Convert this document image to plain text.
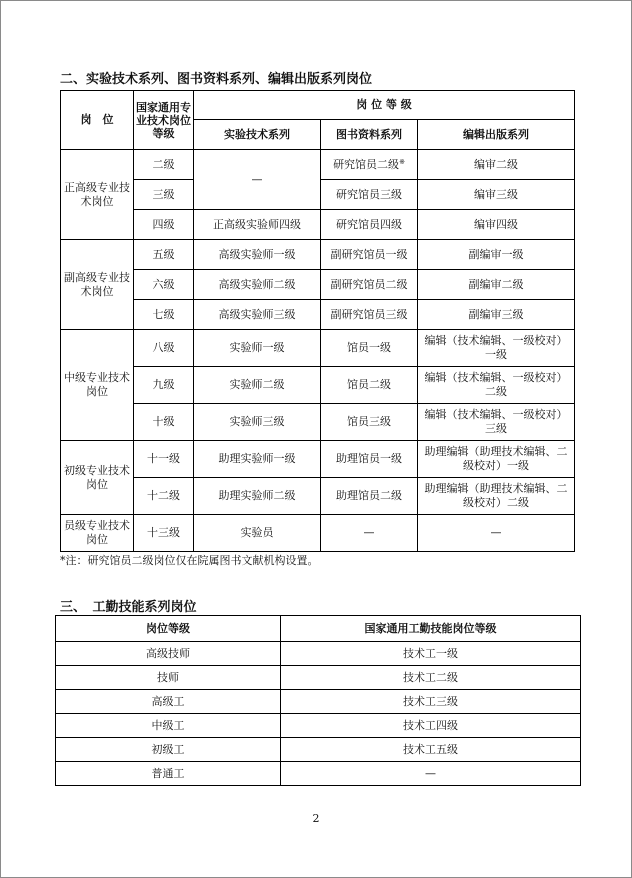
二、实验技术系列、图书资料系列、编辑出版系列岗位
岗　位	国家通用专业技术岗位等级	岗 位 等 级		
		实验技术系列	图书资料系列	编辑出版系列
正高级专业技术岗位	二级	—	研究馆员二级※	编审二级
	三级		研究馆员三级	编审三级
	四级	正高级实验师四级	研究馆员四级	编审四级
副高级专业技术岗位	五级	高级实验师一级	副研究馆员一级	副编审一级
	六级	高级实验师二级	副研究馆员二级	副编审二级
	七级	高级实验师三级	副研究馆员三级	副编审三级
中级专业技术岗位	八级	实验师一级	馆员一级	编辑（技术编辑、一级校对）一级
	九级	实验师二级	馆员二级	编辑（技术编辑、一级校对）二级
	十级	实验师三级	馆员三级	编辑（技术编辑、一级校对）三级
初级专业技术岗位	十一级	助理实验师一级	助理馆员一级	助理编辑（助理技术编辑、二级校对）一级
	十二级	助理实验师二级	助理馆员二级	助理编辑（助理技术编辑、二级校对）二级
员级专业技术岗位	十三级	实验员	—	—
*注：研究馆员二级岗位仅在院属图书文献机构设置。
三、　工勤技能系列岗位
岗位等级	国家通用工勤技能岗位等级
高级技师	技术工一级
技师	技术工二级
高级工	技术工三级
中级工	技术工四级
初级工	技术工五级
普通工	—
2
